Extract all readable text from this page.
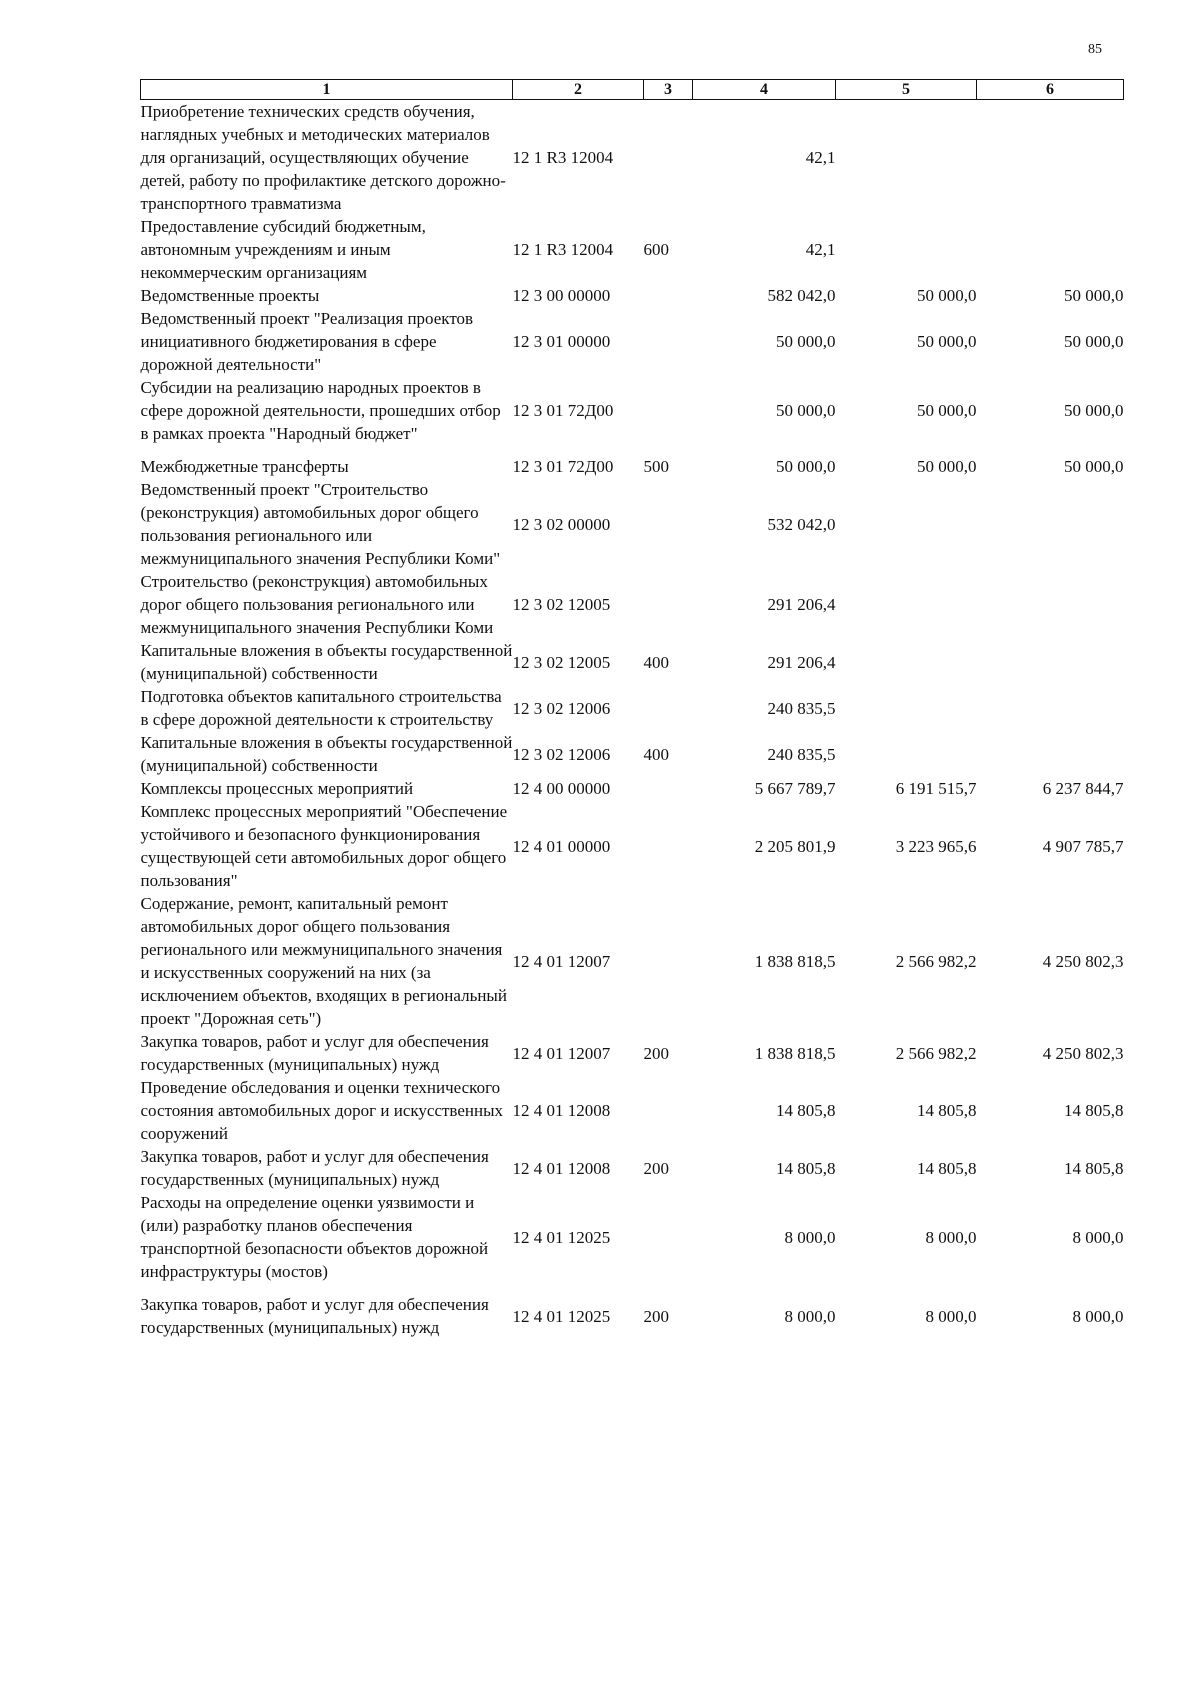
85
1	2	3	4	5	6
Приобретение технических средств обучения, наглядных учебных и методических материалов для организаций, осуществляющих обучение детей, работу по профилактике детского дорожно-транспортного травматизма	12 1 R3 12004		42,1		
Предоставление субсидий бюджетным, автономным учреждениям и иным некоммерческим организациям	12 1 R3 12004	600	42,1		
Ведомственные проекты	12 3 00 00000		582 042,0	50 000,0	50 000,0
Ведомственный проект "Реализация проектов инициативного бюджетирования в сфере дорожной деятельности"	12 3 01 00000		50 000,0	50 000,0	50 000,0
Субсидии на реализацию народных проектов в сфере дорожной деятельности, прошедших отбор в рамках проекта "Народный бюджет"	12 3 01 72Д00		50 000,0	50 000,0	50 000,0
Межбюджетные трансферты	12 3 01 72Д00	500	50 000,0	50 000,0	50 000,0
Ведомственный проект "Строительство (реконструкция) автомобильных дорог общего пользования регионального или межмуниципального значения Республики Коми"	12 3 02 00000		532 042,0		
Строительство (реконструкция) автомобильных дорог общего пользования регионального или межмуниципального значения Республики Коми	12 3 02 12005		291 206,4		
Капитальные вложения в объекты государственной (муниципальной) собственности	12 3 02 12005	400	291 206,4		
Подготовка объектов капитального строительства в сфере дорожной деятельности к строительству	12 3 02 12006		240 835,5		
Капитальные вложения в объекты государственной (муниципальной) собственности	12 3 02 12006	400	240 835,5		
Комплексы процессных мероприятий	12 4 00 00000		5 667 789,7	6 191 515,7	6 237 844,7
Комплекс процессных мероприятий "Обеспечение устойчивого и безопасного функционирования существующей сети автомобильных дорог общего пользования"	12 4 01 00000		2 205 801,9	3 223 965,6	4 907 785,7
Содержание, ремонт, капитальный ремонт автомобильных дорог общего пользования регионального или межмуниципального значения и искусственных сооружений на них (за исключением объектов, входящих в региональный проект "Дорожная сеть")	12 4 01 12007		1 838 818,5	2 566 982,2	4 250 802,3
Закупка товаров, работ и услуг для обеспечения государственных (муниципальных) нужд	12 4 01 12007	200	1 838 818,5	2 566 982,2	4 250 802,3
Проведение обследования и оценки технического состояния автомобильных дорог и искусственных сооружений	12 4 01 12008		14 805,8	14 805,8	14 805,8
Закупка товаров, работ и услуг для обеспечения государственных (муниципальных) нужд	12 4 01 12008	200	14 805,8	14 805,8	14 805,8
Расходы на определение оценки уязвимости и (или) разработку планов обеспечения транспортной безопасности объектов дорожной инфраструктуры (мостов)	12 4 01 12025		8 000,0	8 000,0	8 000,0
Закупка товаров, работ и услуг для обеспечения государственных (муниципальных) нужд	12 4 01 12025	200	8 000,0	8 000,0	8 000,0
